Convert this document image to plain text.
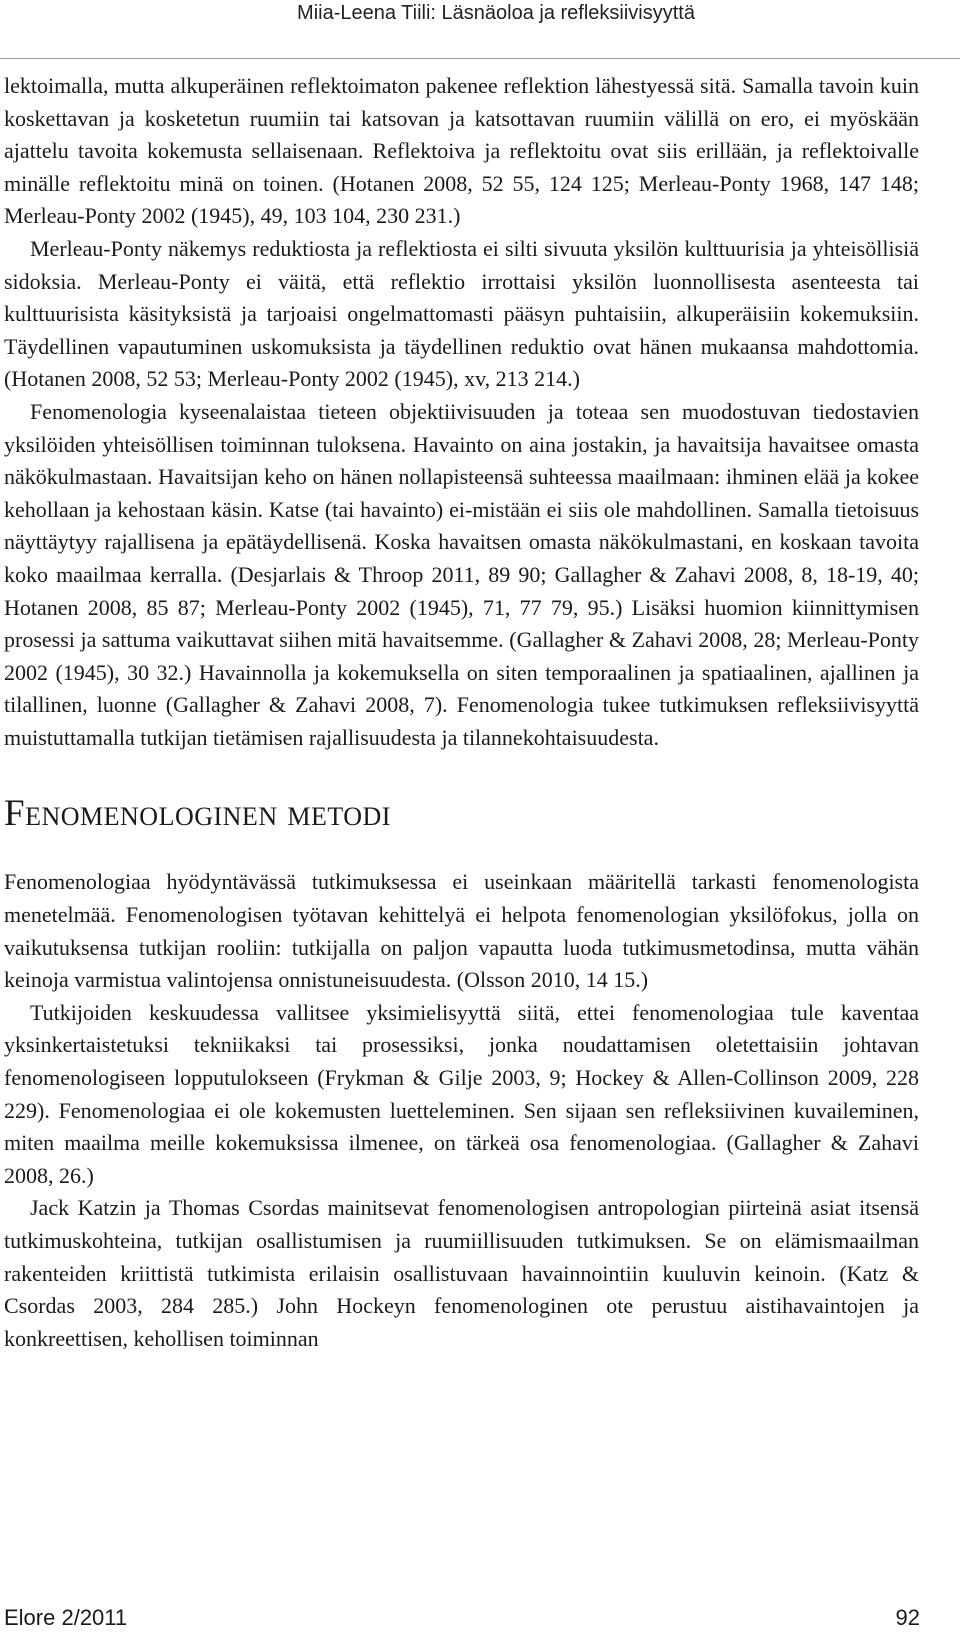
Miia-Leena Tiili: Läsnäoloa ja refleksiivisyyttä

lektoimalla, mutta alkuperäinen reflektoimaton pakenee reflektion lähestyessä sitä. Samalla tavoin kuin koskettavan ja kosketetun ruumiin tai katsovan ja katsottavan ruumiin välillä on ero, ei myöskään ajattelu tavoita kokemusta sellaisenaan. Reflektoiva ja reflektoitu ovat siis erillään, ja reflektoivalle minälle reflektoitu minä on toinen. (Hotanen 2008, 52 55, 124 125; Merleau-Ponty 1968, 147 148; Merleau-Ponty 2002 (1945), 49, 103 104, 230 231.)

Merleau-Ponty näkemys reduktiosta ja reflektiosta ei silti sivuuta yksilön kulttuurisia ja yhteisöllisiä sidoksia. Merleau-Ponty ei väitä, että reflektio irrottaisi yksilön luonnollisesta asenteesta tai kulttuurisista käsityksistä ja tarjoaisi ongelmattomasti pääsyn puhtaisiin, alkuperäisiin kokemuksiin. Täydellinen vapautuminen uskomuksista ja täydellinen reduktio ovat hänen mukaansa mahdottomia. (Hotanen 2008, 52 53; Merleau-Ponty 2002 (1945), xv, 213 214.)

Fenomenologia kyseenalaistaa tieteen objektiivisuuden ja toteaa sen muodostuvan tiedostavien yksilöiden yhteisöllisen toiminnan tuloksena. Havainto on aina jostakin, ja havaitsija havaitsee omasta näkökulmastaan. Havaitsijan keho on hänen nollapisteensä suhteessa maailmaan: ihminen elää ja kokee kehollaan ja kehostaan käsin. Katse (tai havainto) ei-mistään ei siis ole mahdollinen. Samalla tietoisuus näyttäytyy rajallisena ja epätäydellisenä. Koska havaitsen omasta näkökulmastani, en koskaan tavoita koko maailmaa kerralla. (Desjarlais & Throop 2011, 89 90; Gallagher & Zahavi 2008, 8, 18-19, 40; Hotanen 2008, 85 87; Merleau-Ponty 2002 (1945), 71, 77 79, 95.) Lisäksi huomion kiinnittymisen prosessi ja sattuma vaikuttavat siihen mitä havaitsemme. (Gallagher & Zahavi 2008, 28; Merleau-Ponty 2002 (1945), 30 32.) Havainnolla ja kokemuksella on siten temporaalinen ja spatiaalinen, ajallinen ja tilallinen, luonne (Gallagher & Zahavi 2008, 7). Fenomenologia tukee tutkimuksen refleksiivisyyttä muistuttamalla tutkijan tietämisen rajallisuudesta ja tilannekohtaisuudesta.

Fenomenologinen metodi

Fenomenologiaa hyödyntävässä tutkimuksessa ei useinkaan määritellä tarkasti fenomenologista menetelmää. Fenomenologisen työtavan kehittelyä ei helpota fenomenologian yksilöfokus, jolla on vaikutuksensa tutkijan rooliin: tutkijalla on paljon vapautta luoda tutkimusmetodinsa, mutta vähän keinoja varmistua valintojensa onnistuneisuudesta. (Olsson 2010, 14 15.)

Tutkijoiden keskuudessa vallitsee yksimielisyyttä siitä, ettei fenomenologiaa tule kaventaa yksinkertaistetuksi tekniikaksi tai prosessiksi, jonka noudattamisen oletettaisiin johtavan fenomenologiseen lopputulokseen (Frykman & Gilje 2003, 9; Hockey & Allen-Collinson 2009, 228 229). Fenomenologiaa ei ole kokemusten luetteleminen. Sen sijaan sen refleksiivinen kuvaileminen, miten maailma meille kokemuksissa ilmenee, on tärkeä osa fenomenologiaa. (Gallagher & Zahavi 2008, 26.)

Jack Katzin ja Thomas Csordas mainitsevat fenomenologisen antropologian piirteinä asiat itsensä tutkimuskohteina, tutkijan osallistumisen ja ruumiillisuuden tutkimuksen. Se on elämismaailman rakenteiden kriittistä tutkimista erilaisin osallistuvaan havainnointiin kuuluvin keinoin. (Katz & Csordas 2003, 284 285.) John Hockeyn fenomenologinen ote perustuu aistihavaintojen ja konkreettisen, kehollisen toiminnan

Elore 2/2011	92
